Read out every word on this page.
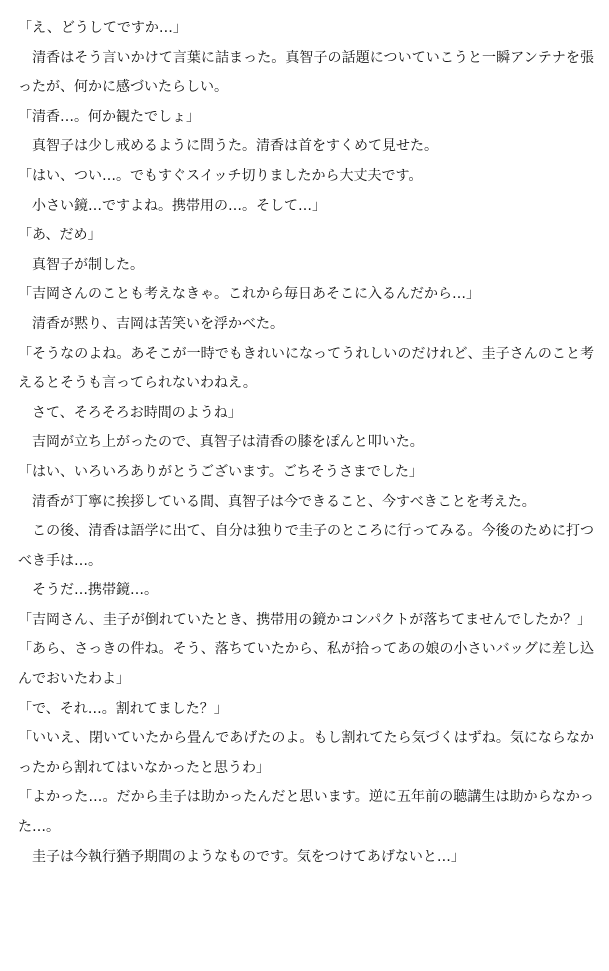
「え、どうしてですか…」

　清香はそう言いかけて言葉に詰まった。真智子の話題についていこうと一瞬アンテナを張ったが、何かに感づいたらしい。

「清香…。何か観たでしょ」

　真智子は少し戒めるように問うた。清香は首をすくめて見せた。

「はい、つい…。でもすぐスイッチ切りましたから大丈夫です。

　小さい鏡…ですよね。携帯用の…。そして…」

「あ、だめ」

　真智子が制した。

「吉岡さんのことも考えなきゃ。これから毎日あそこに入るんだから…」

　清香が黙り、吉岡は苦笑いを浮かべた。

「そうなのよね。あそこが一時でもきれいになってうれしいのだけれど、圭子さんのこと考えるとそうも言ってられないわねえ。

　さて、そろそろお時間のようね」

　吉岡が立ち上がったので、真智子は清香の膝をぽんと叩いた。

「はい、いろいろありがとうございます。ごちそうさまでした」

　清香が丁寧に挨拶している間、真智子は今できること、今すべきことを考えた。

　この後、清香は語学に出て、自分は独りで圭子のところに行ってみる。今後のために打つべき手は…。

　そうだ…携帯鏡…。

「吉岡さん、圭子が倒れていたとき、携帯用の鏡かコンパクトが落ちてませんでしたか？」

「あら、さっきの件ね。そう、落ちていたから、私が拾ってあの娘の小さいバッグに差し込んでおいたわよ」

「で、それ…。割れてました？」

「いいえ、閉いていたから畳んであげたのよ。もし割れてたら気づくはずね。気にならなかったから割れてはいなかったと思うわ」

「よかった…。だから圭子は助かったんだと思います。逆に五年前の聴講生は助からなかった…。

　圭子は今執行猶予期間のようなものです。気をつけてあげないと…」
